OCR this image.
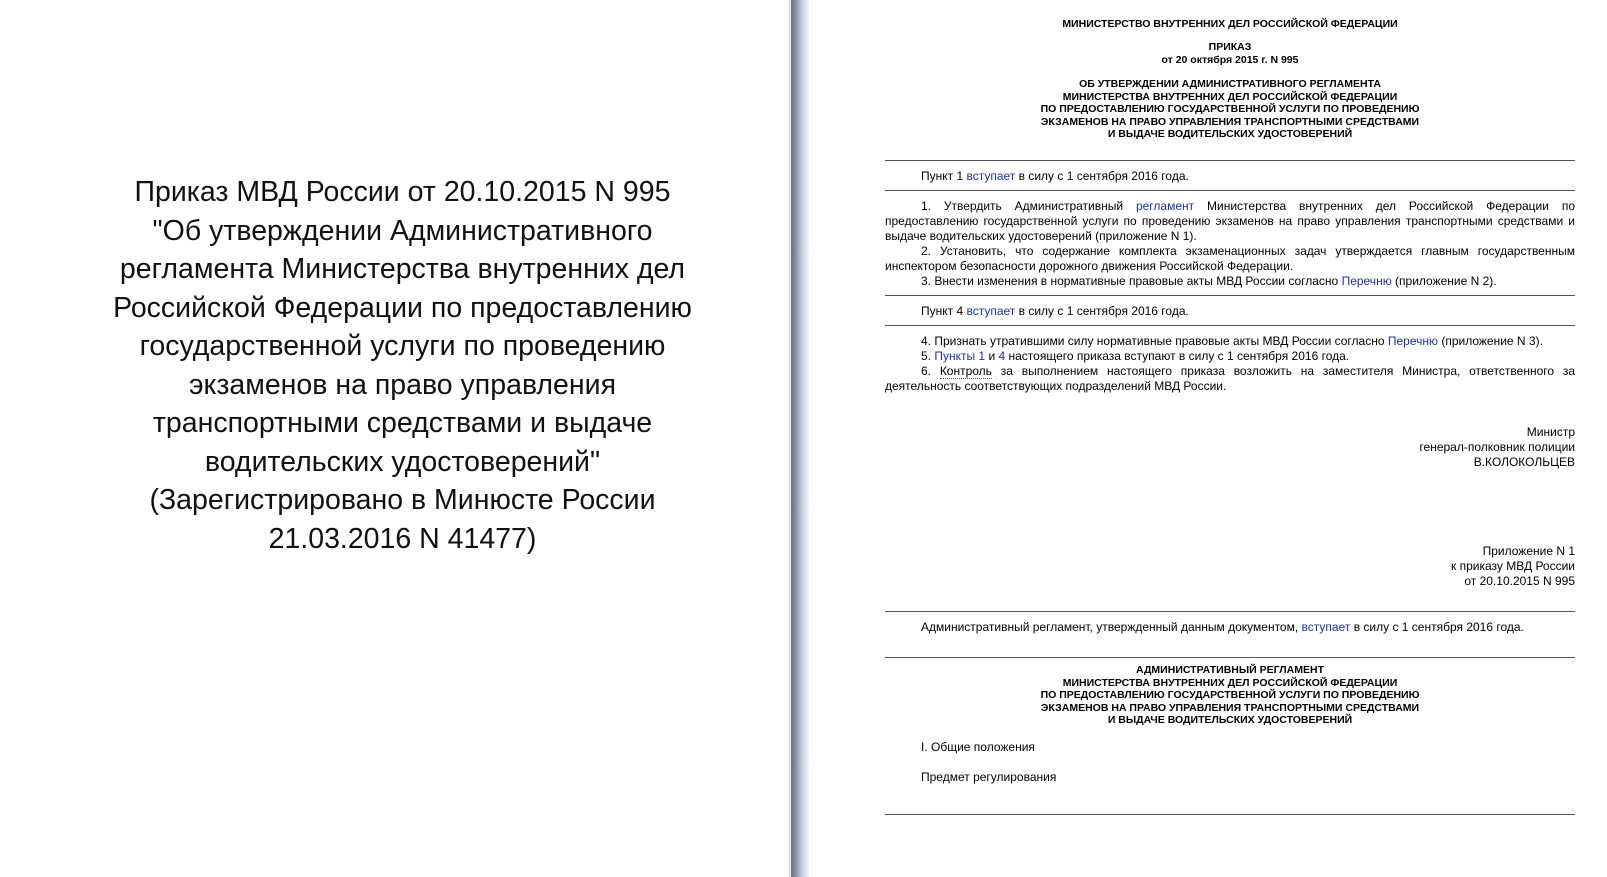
Приказ МВД России от 20.10.2015 N 995
"Об утверждении Административного
регламента Министерства внутренних дел
Российской Федерации по предоставлению
государственной услуги по проведению
экзаменов на право управления
транспортными средствами и выдаче
водительских удостоверений"
(Зарегистрировано в Минюсте России
21.03.2016 N 41477)
МИНИСТЕРСТВО ВНУТРЕННИХ ДЕЛ РОССИЙСКОЙ ФЕДЕРАЦИИ
ПРИКАЗ
от 20 октября 2015 г. N 995
ОБ УТВЕРЖДЕНИИ АДМИНИСТРАТИВНОГО РЕГЛАМЕНТА
МИНИСТЕРСТВА ВНУТРЕННИХ ДЕЛ РОССИЙСКОЙ ФЕДЕРАЦИИ
ПО ПРЕДОСТАВЛЕНИЮ ГОСУДАРСТВЕННОЙ УСЛУГИ ПО ПРОВЕДЕНИЮ
ЭКЗАМЕНОВ НА ПРАВО УПРАВЛЕНИЯ ТРАНСПОРТНЫМИ СРЕДСТВАМИ
И ВЫДАЧЕ ВОДИТЕЛЬСКИХ УДОСТОВЕРЕНИЙ
Пункт 1 вступает в силу с 1 сентября 2016 года.
1. Утвердить Административный регламент Министерства внутренних дел Российской Федерации по предоставлению государственной услуги по проведению экзаменов на право управления транспортными средствами и выдаче водительских удостоверений (приложение N 1).
2. Установить, что содержание комплекта экзаменационных задач утверждается главным государственным инспектором безопасности дорожного движения Российской Федерации.
3. Внести изменения в нормативные правовые акты МВД России согласно Перечню (приложение N 2).
Пункт 4 вступает в силу с 1 сентября 2016 года.
4. Признать утратившими силу нормативные правовые акты МВД России согласно Перечню (приложение N 3).
5. Пункты 1 и 4 настоящего приказа вступают в силу с 1 сентября 2016 года.
6. Контроль за выполнением настоящего приказа возложить на заместителя Министра, ответственного за деятельность соответствующих подразделений МВД России.
Министр
генерал-полковник полиции
В.КОЛОКОЛЬЦЕВ
Приложение N 1
к приказу МВД России
от 20.10.2015 N 995
Административный регламент, утвержденный данным документом, вступает в силу с 1 сентября 2016 года.
АДМИНИСТРАТИВНЫЙ РЕГЛАМЕНТ
МИНИСТЕРСТВА ВНУТРЕННИХ ДЕЛ РОССИЙСКОЙ ФЕДЕРАЦИИ
ПО ПРЕДОСТАВЛЕНИЮ ГОСУДАРСТВЕННОЙ УСЛУГИ ПО ПРОВЕДЕНИЮ
ЭКЗАМЕНОВ НА ПРАВО УПРАВЛЕНИЯ ТРАНСПОРТНЫМИ СРЕДСТВАМИ
И ВЫДАЧЕ ВОДИТЕЛЬСКИХ УДОСТОВЕРЕНИЙ
I. Общие положения
Предмет регулирования
